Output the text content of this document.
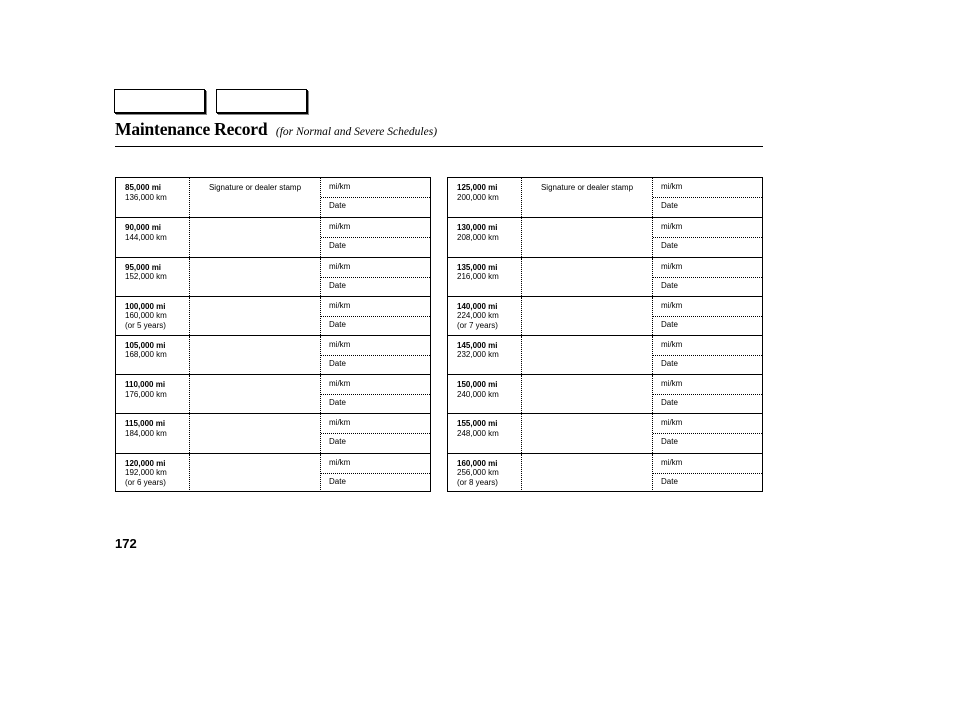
Maintenance Record (for Normal and Severe Schedules)
85,000 mi
136,000 km
Signature or dealer stamp	mi/km
Date
90,000 mi
144,000 km
mi/km
Date
95,000 mi
152,000 km
mi/km
Date
100,000 mi
160,000 km
(or 5 years)
mi/km
Date
105,000 mi
168,000 km
mi/km
Date
110,000 mi
176,000 km
mi/km
Date
115,000 mi
184,000 km
mi/km
Date
120,000 mi
192,000 km
(or 6 years)
mi/km
Date
125,000 mi
200,000 km
Signature or dealer stamp	mi/km
Date
130,000 mi
208,000 km
mi/km
Date
135,000 mi
216,000 km
mi/km
Date
140,000 mi
224,000 km
(or 7 years)
mi/km
Date
145,000 mi
232,000 km
mi/km
Date
150,000 mi
240,000 km
mi/km
Date
155,000 mi
248,000 km
mi/km
Date
160,000 mi
256,000 km
(or 8 years)
mi/km
Date
172
